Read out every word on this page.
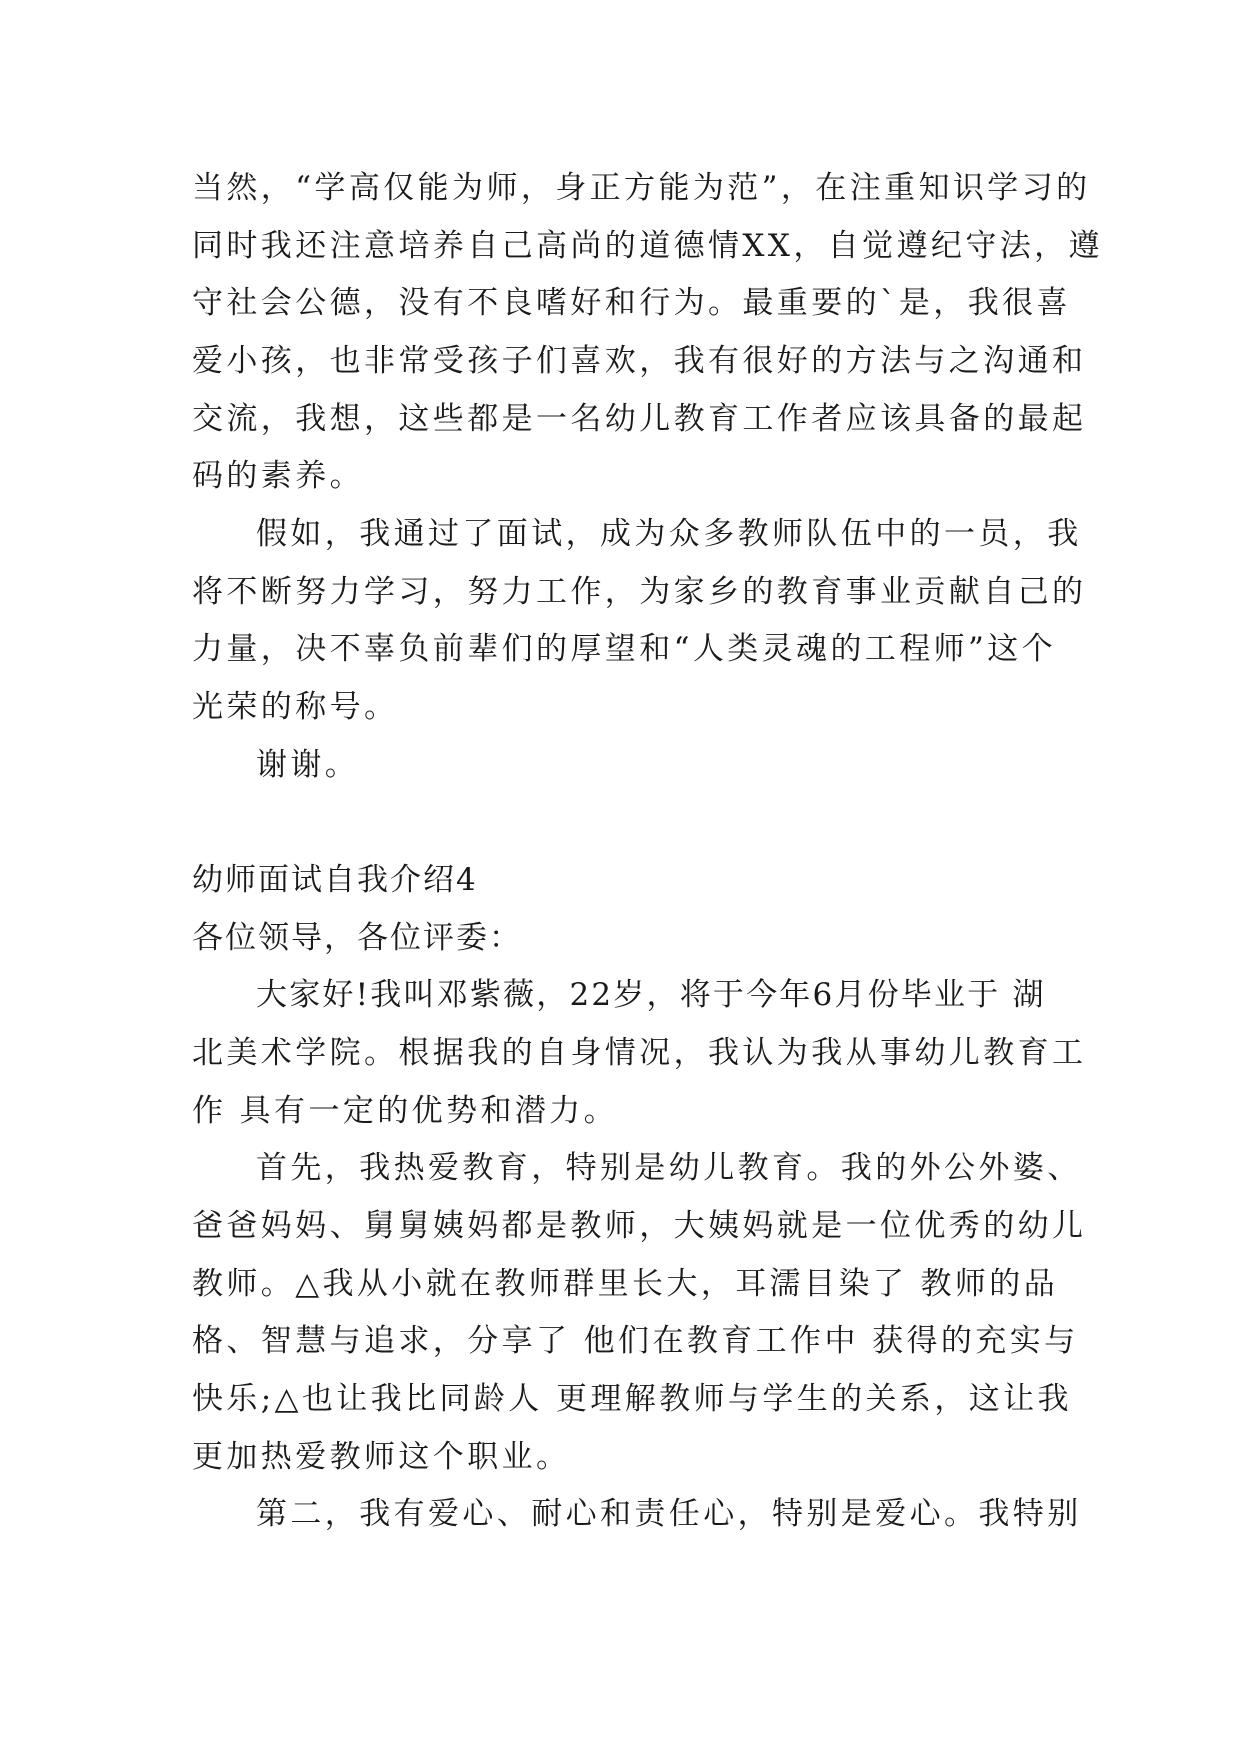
当然，“学高仅能为师，身正方能为范”，在注重知识学习的
同时我还注意培养自己高尚的道德情XX，自觉遵纪守法，遵
守社会公德，没有不良嗜好和行为。最重要的`是，我很喜
爱小孩，也非常受孩子们喜欢，我有很好的方法与之沟通和
交流，我想，这些都是一名幼儿教育工作者应该具备的最起
码的素养。
假如，我通过了面试，成为众多教师队伍中的一员，我
将不断努力学习，努力工作，为家乡的教育事业贡献自己的
力量，决不辜负前辈们的厚望和“人类灵魂的工程师”这个
光荣的称号。
谢谢。
幼师面试自我介绍4
各位领导，各位评委：
大家好!我叫邓紫薇，22岁，将于今年6月份毕业于 湖
北美术学院。根据我的自身情况，我认为我从事幼儿教育工
作 具有一定的优势和潜力。
首先，我热爱教育，特别是幼儿教育。我的外公外婆、
爸爸妈妈、舅舅姨妈都是教师，大姨妈就是一位优秀的幼儿
教师。△我从小就在教师群里长大，耳濡目染了 教师的品
格、智慧与追求，分享了 他们在教育工作中 获得的充实与
快乐;△也让我比同龄人 更理解教师与学生的关系，这让我
更加热爱教师这个职业。
第二，我有爱心、耐心和责任心，特别是爱心。我特别
